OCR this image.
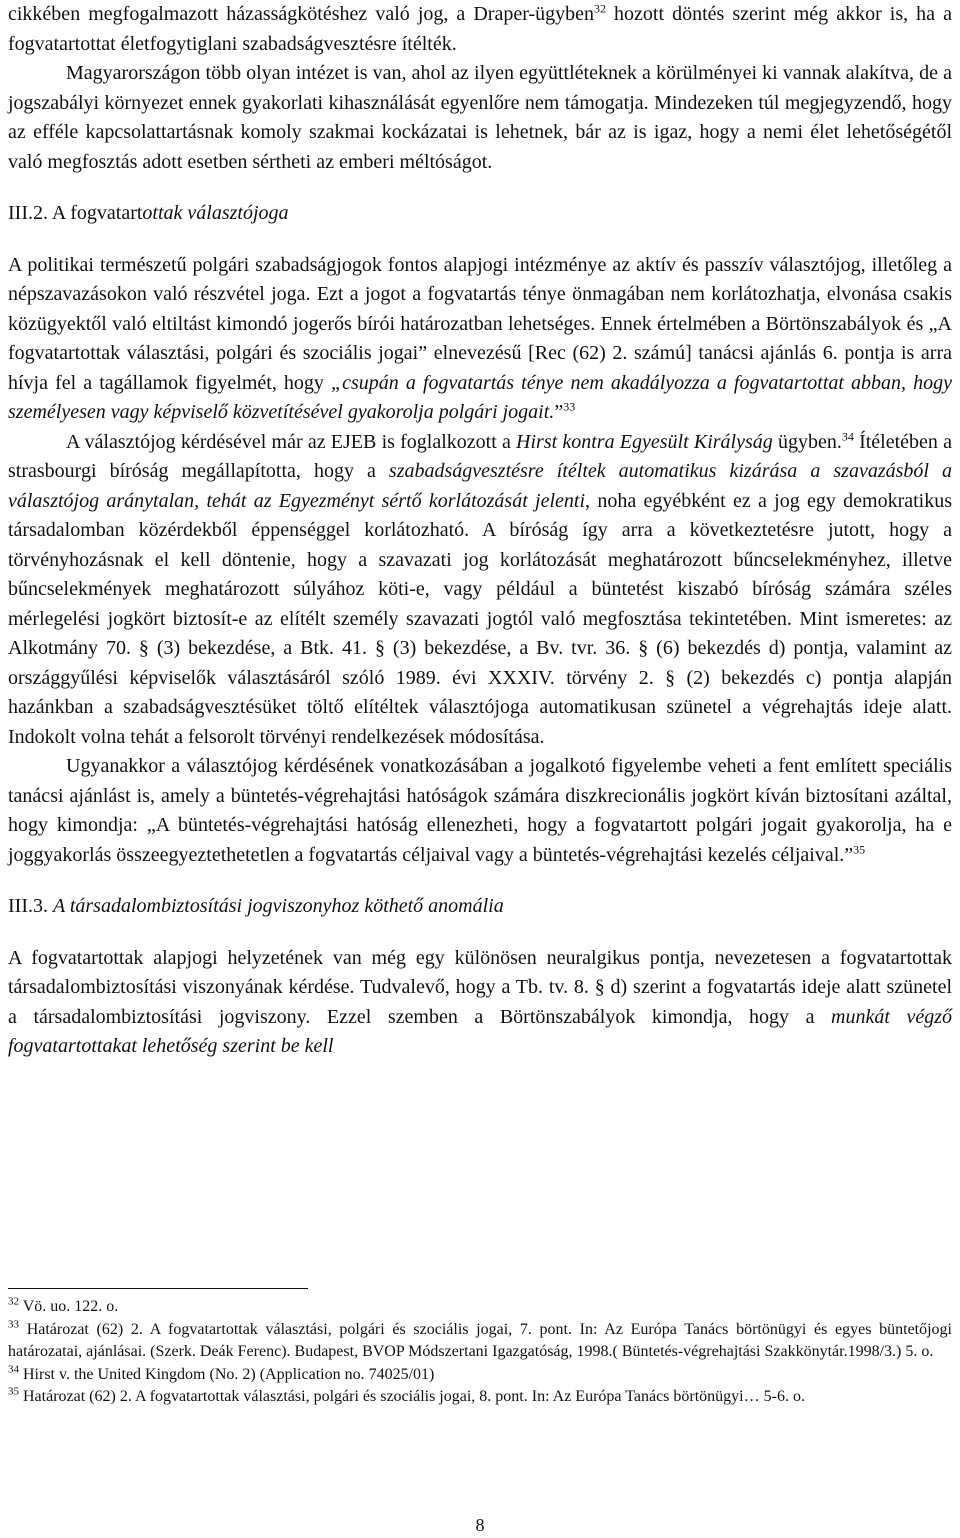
cikkében megfogalmazott házasságkötéshez való jog, a Draper-ügyben$^{32}$ hozott döntés szerint még akkor is, ha a fogvatartottat életfogytiglani szabadságvesztésre ítélték.

Magyarországon több olyan intézet is van, ahol az ilyen együttléteknek a körülményei ki vannak alakítva, de a jogszabályi környezet ennek gyakorlati kihasználását egyenlőre nem támogatja. Mindezeken túl megjegyzendő, hogy az efféle kapcsolattartásnak komoly szakmai kockázatai is lehetnek, bár az is igaz, hogy a nemi élet lehetőségétől való megfosztás adott esetben sértheti az emberi méltóságot.

III.2. A fogvatartottak választójoga

A politikai természetű polgári szabadságjogok fontos alapjogi intézménye az aktív és passzív választójog, illetőleg a népszavazásokon való részvétel joga. Ezt a jogot a fogvatartás ténye önmagában nem korlátozhatja, elvonása csakis közügyektől való eltiltást kimondó jogerős bírói határozatban lehetséges. Ennek értelmében a Börtönszabályok és „A fogvatartottak választási, polgári és szociális jogai” elnevezésű [Rec (62) 2. számú] tanácsi ajánlás 6. pontja is arra hívja fel a tagállamok figyelmét, hogy „csupán a fogvatartás ténye nem akadályozza a fogvatartottat abban, hogy személyesen vagy képviselő közvetítésével gyakorolja polgári jogait.”$^{33}$

A választójog kérdésével már az EJEB is foglalkozott a Hirst kontra Egyesült Királyság ügyben.$^{34}$ Ítéletében a strasbourgi bíróság megállapította, hogy a szabadságvesztésre ítéltek automatikus kizárása a szavazásból a választójog aránytalan, tehát az Egyezményt sértő korlátozását jelenti, noha egyébként ez a jog egy demokratikus társadalomban közérdekből éppenséggel korlátozható. A bíróság így arra a következtetésre jutott, hogy a törvényhozásnak el kell döntenie, hogy a szavazati jog korlátozását meghatározott bűncselekményhez, illetve bűncselekmények meghatározott súlyához köti-e, vagy például a büntetést kiszabó bíróság számára széles mérlegelési jogkört biztosít-e az elítélt személy szavazati jogtól való megfosztása tekintetében. Mint ismeretes: az Alkotmány 70. § (3) bekezdése, a Btk. 41. § (3) bekezdése, a Bv. tvr. 36. § (6) bekezdés d) pontja, valamint az országgyűlési képviselők választásáról szóló 1989. évi XXXIV. törvény 2. § (2) bekezdés c) pontja alapján hazánkban a szabadságvesztésüket töltő elítéltek választójoga automatikusan szünetel a végrehajtás ideje alatt. Indokolt volna tehát a felsorolt törvényi rendelkezések módosítása.

Ugyanakkor a választójog kérdésének vonatkozásában a jogalkotó figyelembe veheti a fent említett speciális tanácsi ajánlást is, amely a büntetés-végrehajtási hatóságok számára diszkrecionális jogkört kíván biztosítani azáltal, hogy kimondja: „A büntetés-végrehajtási hatóság ellenezheti, hogy a fogvatartott polgári jogait gyakorolja, ha e joggyakorlás összeegyeztethetetlen a fogvatartás céljaival vagy a büntetés-végrehajtási kezelés céljaival.”$^{35}$

III.3. A társadalombiztosítási jogviszonyhoz köthető anomália

A fogvatartottak alapjogi helyzetének van még egy különösen neuralgikus pontja, nevezetesen a fogvatartottak társadalombiztosítási viszonyának kérdése. Tudvalevő, hogy a Tb. tv. 8. § d) szerint a fogvatartás ideje alatt szünetel a társadalombiztosítási jogviszony. Ezzel szemben a Börtönszabályok kimondja, hogy a munkát végző fogvatartottakat lehetőség szerint be kell

$^{32}$ Vö. uo. 122. o.

$^{33}$ Határozat (62) 2. A fogvatartottak választási, polgári és szociális jogai, 7. pont. In: Az Európa Tanács börtönügyi és egyes büntetőjogi határozatai, ajánlásai. (Szerk. Deák Ferenc). Budapest, BVOP Módszertani Igazgatóság, 1998.( Büntetés-végrehajtási Szakkönytár.1998/3.) 5. o.

$^{34}$ Hirst v. the United Kingdom (No. 2) (Application no. 74025/01)

$^{35}$ Határozat (62) 2. A fogvatartottak választási, polgári és szociális jogai, 8. pont. In: Az Európa Tanács börtönügyi… 5-6. o.

8
